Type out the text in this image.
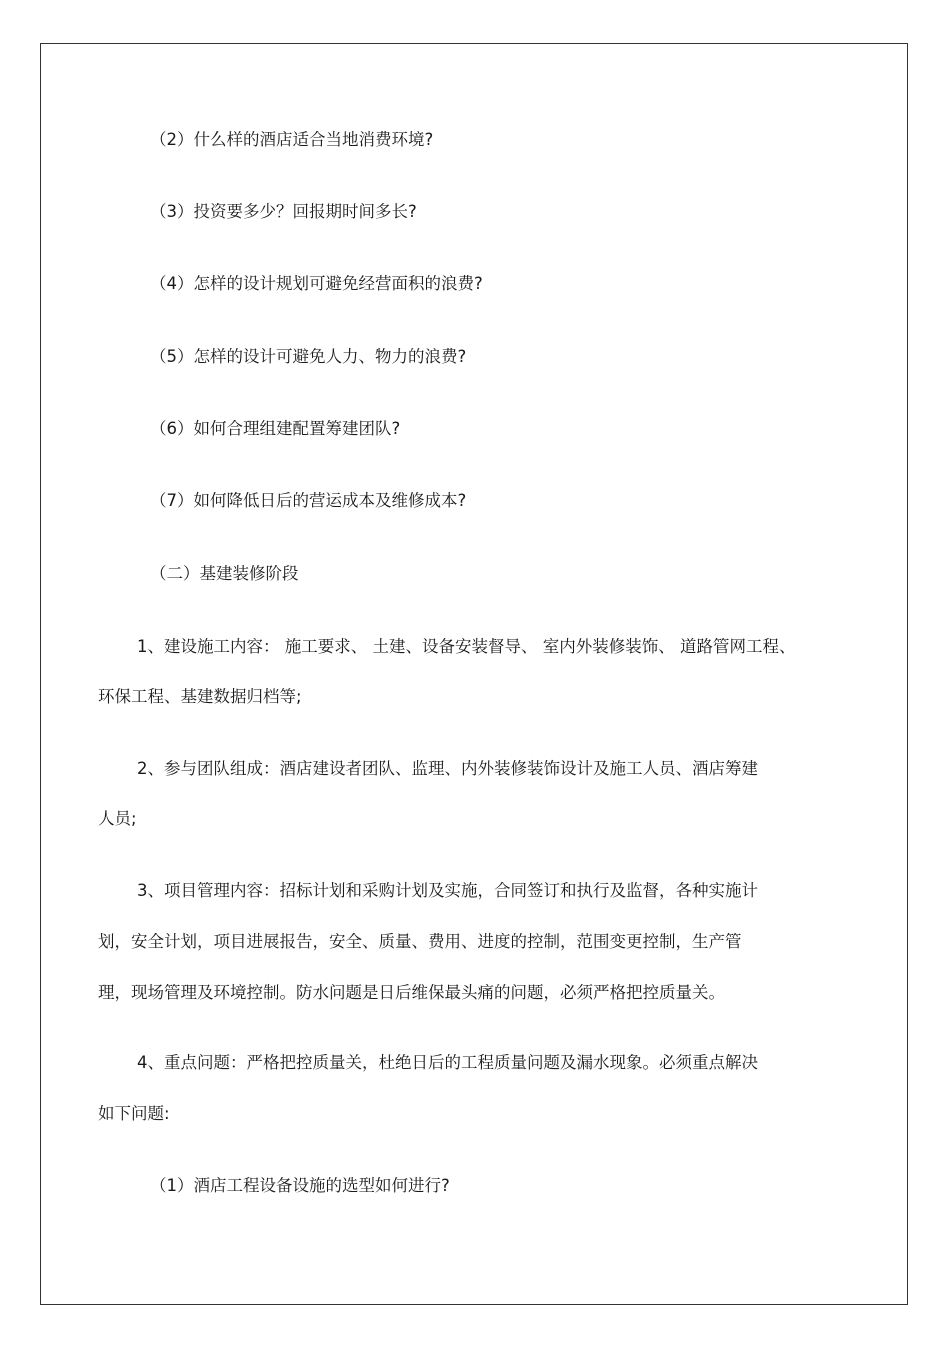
（2）什么样的酒店适合当地消费环境?
（3）投资要多少？回报期时间多长?
（4）怎样的设计规划可避免经营面积的浪费?
（5）怎样的设计可避免人力、物力的浪费?
（6）如何合理组建配置筹建团队?
（7）如何降低日后的营运成本及维修成本?
（二）基建装修阶段
1、建设施工内容： 施工要求、 土建、设备安装督导、 室内外装修装饰、 道路管网工程、
环保工程、基建数据归档等;
2、参与团队组成：酒店建设者团队、监理、内外装修装饰设计及施工人员、酒店筹建
人员;
3、项目管理内容：招标计划和采购计划及实施，合同签订和执行及监督，各种实施计
划，安全计划，项目进展报告，安全、质量、费用、进度的控制，范围变更控制，生产管
理，现场管理及环境控制。防水问题是日后维保最头痛的问题，必须严格把控质量关。
4、重点问题：严格把控质量关，杜绝日后的工程质量问题及漏水现象。必须重点解决
如下问题:
（1）酒店工程设备设施的选型如何进行?
